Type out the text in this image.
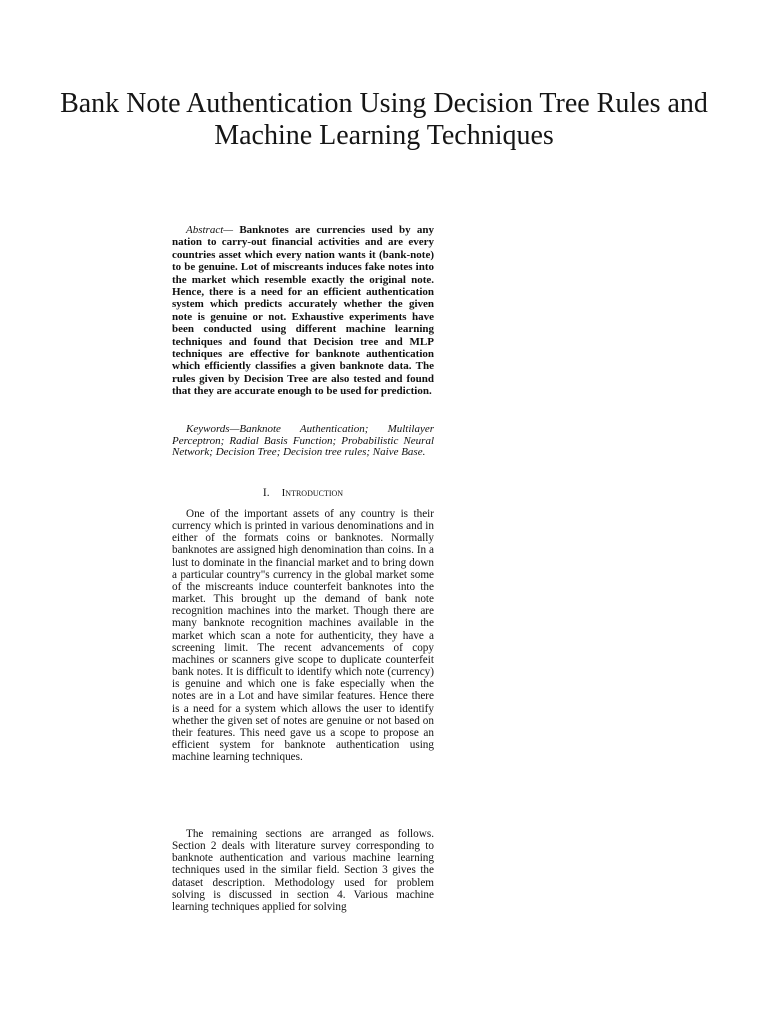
Bank Note Authentication Using Decision Tree Rules and Machine Learning Techniques

Abstract— Banknotes are currencies used by any nation to carry-out financial activities and are every countries asset which every nation wants it (bank-note) to be genuine. Lot of miscreants induces fake notes into the market which resemble exactly the original note. Hence, there is a need for an efficient authentication system which predicts accurately whether the given note is genuine or not. Exhaustive experiments have been conducted using different machine learning techniques and found that Decision tree and MLP techniques are effective for banknote authentication which efficiently classifies a given banknote data. The rules given by Decision Tree are also tested and found that they are accurate enough to be used for prediction.

Keywords—Banknote Authentication; Multilayer Perceptron; Radial Basis Function; Probabilistic Neural Network; Decision Tree; Decision tree rules; Naive Base.

I. Introduction

One of the important assets of any country is their currency which is printed in various denominations and in either of the formats coins or banknotes. Normally banknotes are assigned high denomination than coins. In a lust to dominate in the financial market and to bring down a particular country"s currency in the global market some of the miscreants induce counterfeit banknotes into the market. This brought up the demand of bank note recognition machines into the market. Though there are many banknote recognition machines available in the market which scan a note for authenticity, they have a screening limit. The recent advancements of copy machines or scanners give scope to duplicate counterfeit bank notes. It is difficult to identify which note (currency) is genuine and which one is fake especially when the notes are in a Lot and have similar features. Hence there is a need for a system which allows the user to identify whether the given set of notes are genuine or not based on their features. This need gave us a scope to propose an efficient system for banknote authentication using machine learning techniques.

The remaining sections are arranged as follows. Section 2 deals with literature survey corresponding to banknote authentication and various machine learning techniques used in the similar field. Section 3 gives the dataset description. Methodology used for problem solving is discussed in section 4. Various machine learning techniques applied for solving
